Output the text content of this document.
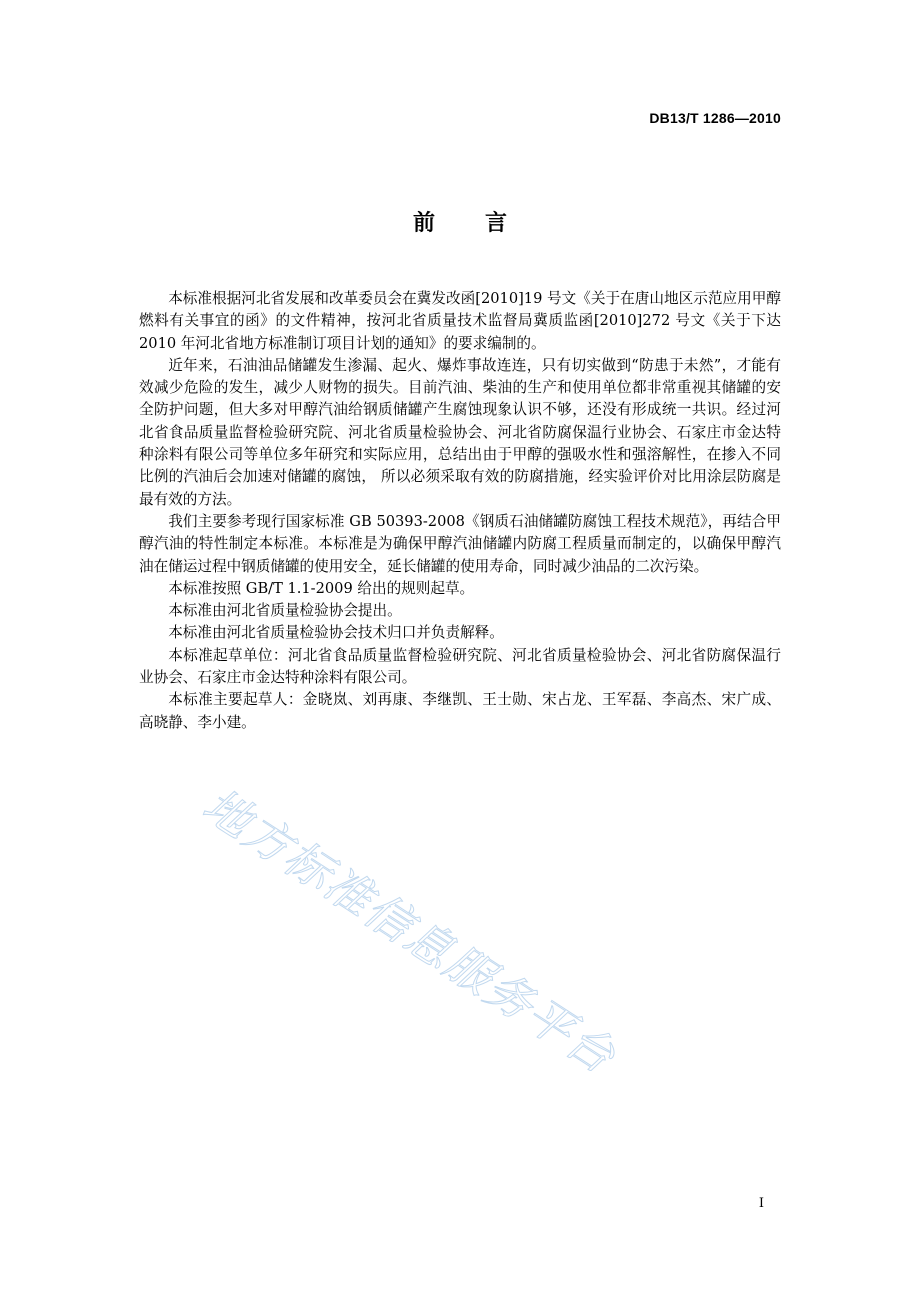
DB13/T 1286—2010
前言

本标准根据河北省发展和改革委员会在冀发改函[2010]19 号文《关于在唐山地区示范应用甲醇燃料有关事宜的函》的文件精神，按河北省质量技术监督局冀质监函[2010]272 号文《关于下达 2010 年河北省地方标准制订项目计划的通知》的要求编制的。

近年来，石油油品储罐发生渗漏、起火、爆炸事故连连，只有切实做到“防患于未然”，才能有效减少危险的发生，减少人财物的损失。目前汽油、柴油的生产和使用单位都非常重视其储罐的安全防护问题，但大多对甲醇汽油给钢质储罐产生腐蚀现象认识不够，还没有形成统一共识。经过河北省食品质量监督检验研究院、河北省质量检验协会、河北省防腐保温行业协会、石家庄市金达特种涂料有限公司等单位多年研究和实际应用，总结出由于甲醇的强吸水性和强溶解性，在掺入不同比例的汽油后会加速对储罐的腐蚀， 所以必须采取有效的防腐措施，经实验评价对比用涂层防腐是最有效的方法。

我们主要参考现行国家标准 GB 50393-2008《钢质石油储罐防腐蚀工程技术规范》，再结合甲醇汽油的特性制定本标准。本标准是为确保甲醇汽油储罐内防腐工程质量而制定的，以确保甲醇汽油在储运过程中钢质储罐的使用安全，延长储罐的使用寿命，同时减少油品的二次污染。

本标准按照 GB/T 1.1-2009 给出的规则起草。

本标准由河北省质量检验协会提出。

本标准由河北省质量检验协会技术归口并负责解释。

本标准起草单位：河北省食品质量监督检验研究院、河北省质量检验协会、河北省防腐保温行业协会、石家庄市金达特种涂料有限公司。

本标准主要起草人：金晓岚、刘再康、李继凯、王士勋、宋占龙、王军磊、李高杰、宋广成、高晓静、李小建。

地方标准信息服务平台
I
